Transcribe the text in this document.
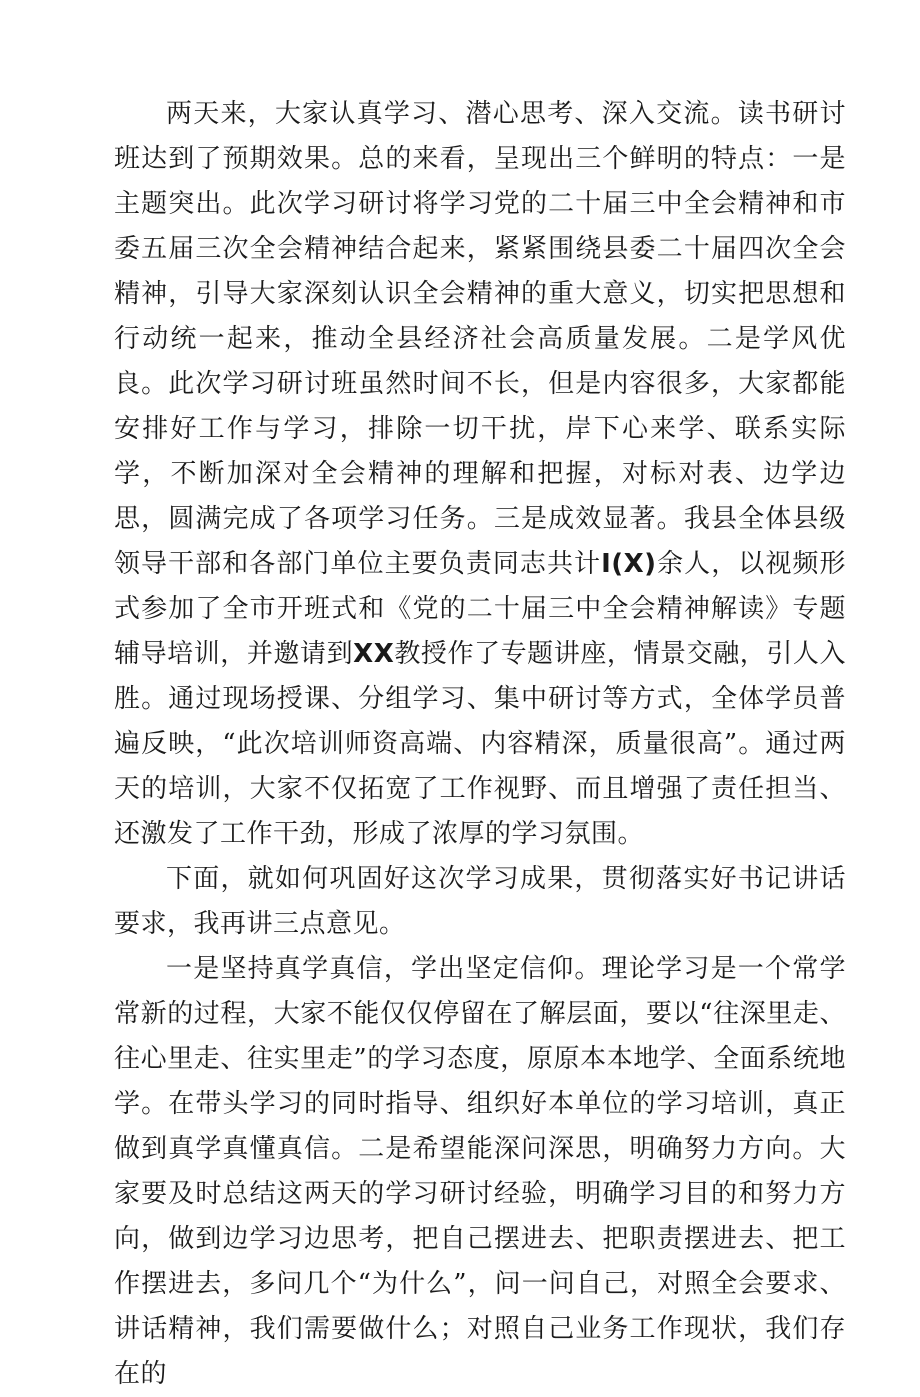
两天来，大家认真学习、潜心思考、深入交流。读书研讨班达到了预期效果。总的来看，呈现出三个鲜明的特点：一是主题突出。此次学习研讨将学习党的二十届三中全会精神和市委五届三次全会精神结合起来，紧紧围绕县委二十届四次全会精神，引导大家深刻认识全会精神的重大意义，切实把思想和行动统一起来，推动全县经济社会高质量发展。二是学风优良。此次学习研讨班虽然时间不长，但是内容很多，大家都能安排好工作与学习，排除一切干扰，岸下心来学、联系实际学，不断加深对全会精神的理解和把握，对标对表、边学边思，圆满完成了各项学习任务。三是成效显著。我县全体县级领导干部和各部门单位主要负责同志共计I(X)余人，以视频形式参加了全市开班式和《党的二十届三中全会精神解读》专题辅导培训，并邀请到XX教授作了专题讲座，情景交融，引人入胜。通过现场授课、分组学习、集中研讨等方式，全体学员普遍反映，“此次培训师资高端、内容精深，质量很高”。通过两天的培训，大家不仅拓宽了工作视野、而且增强了责任担当、还激发了工作干劲，形成了浓厚的学习氛围。

下面，就如何巩固好这次学习成果，贯彻落实好书记讲话要求，我再讲三点意见。

一是坚持真学真信，学出坚定信仰。理论学习是一个常学常新的过程，大家不能仅仅停留在了解层面，要以“往深里走、往心里走、往实里走”的学习态度，原原本本地学、全面系统地学。在带头学习的同时指导、组织好本单位的学习培训，真正做到真学真懂真信。二是希望能深问深思，明确努力方向。大家要及时总结这两天的学习研讨经验，明确学习目的和努力方向，做到边学习边思考，把自己摆进去、把职责摆进去、把工作摆进去，多问几个“为什么”，问一问自己，对照全会要求、讲话精神，我们需要做什么；对照自己业务工作现状，我们存在的
